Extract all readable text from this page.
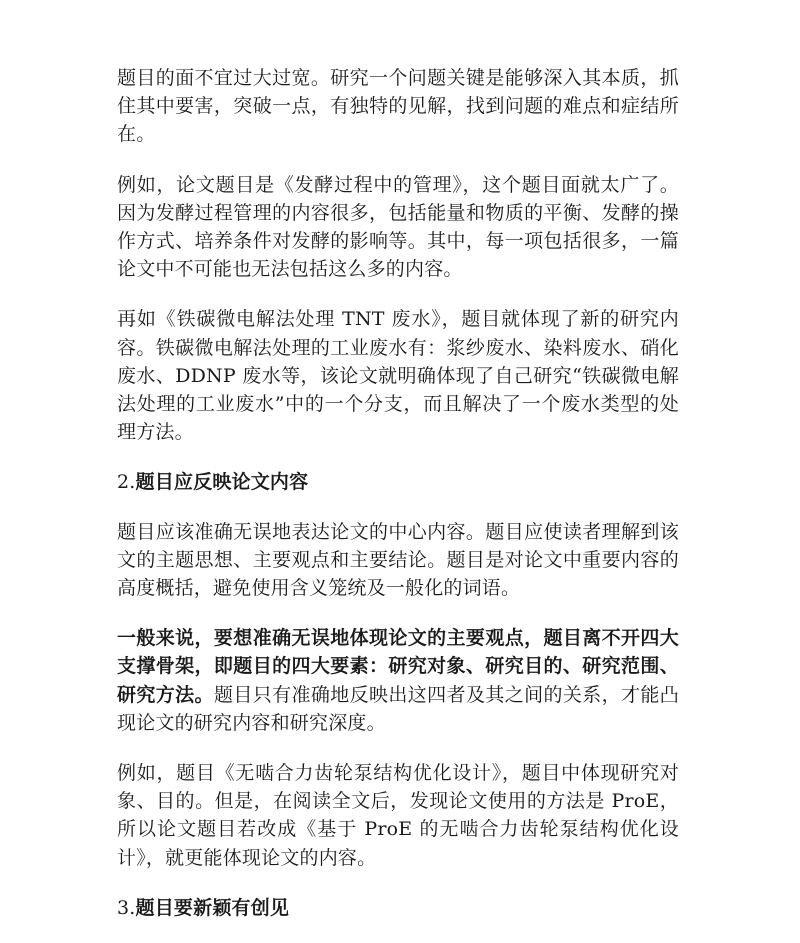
题目的面不宜过大过宽。研究一个问题关键是能够深入其本质，抓住其中要害，突破一点，有独特的见解，找到问题的难点和症结所在。

例如，论文题目是《发酵过程中的管理》，这个题目面就太广了。因为发酵过程管理的内容很多，包括能量和物质的平衡、发酵的操作方式、培养条件对发酵的影响等。其中，每一项包括很多，一篇论文中不可能也无法包括这么多的内容。

再如《铁碳微电解法处理 TNT 废水》，题目就体现了新的研究内容。铁碳微电解法处理的工业废水有：浆纱废水、染料废水、硝化废水、DDNP 废水等，该论文就明确体现了自己研究“铁碳微电解法处理的工业废水”中的一个分支，而且解决了一个废水类型的处理方法。

2.题目应反映论文内容

题目应该准确无误地表达论文的中心内容。题目应使读者理解到该文的主题思想、主要观点和主要结论。题目是对论文中重要内容的高度概括，避免使用含义笼统及一般化的词语。

一般来说，要想准确无误地体现论文的主要观点，题目离不开四大支撑骨架，即题目的四大要素：研究对象、研究目的、研究范围、研究方法。题目只有准确地反映出这四者及其之间的关系，才能凸现论文的研究内容和研究深度。

例如，题目《无啮合力齿轮泵结构优化设计》，题目中体现研究对象、目的。但是，在阅读全文后，发现论文使用的方法是 ProE，所以论文题目若改成《基于 ProE 的无啮合力齿轮泵结构优化设计》，就更能体现论文的内容。

3.题目要新颖有创见
